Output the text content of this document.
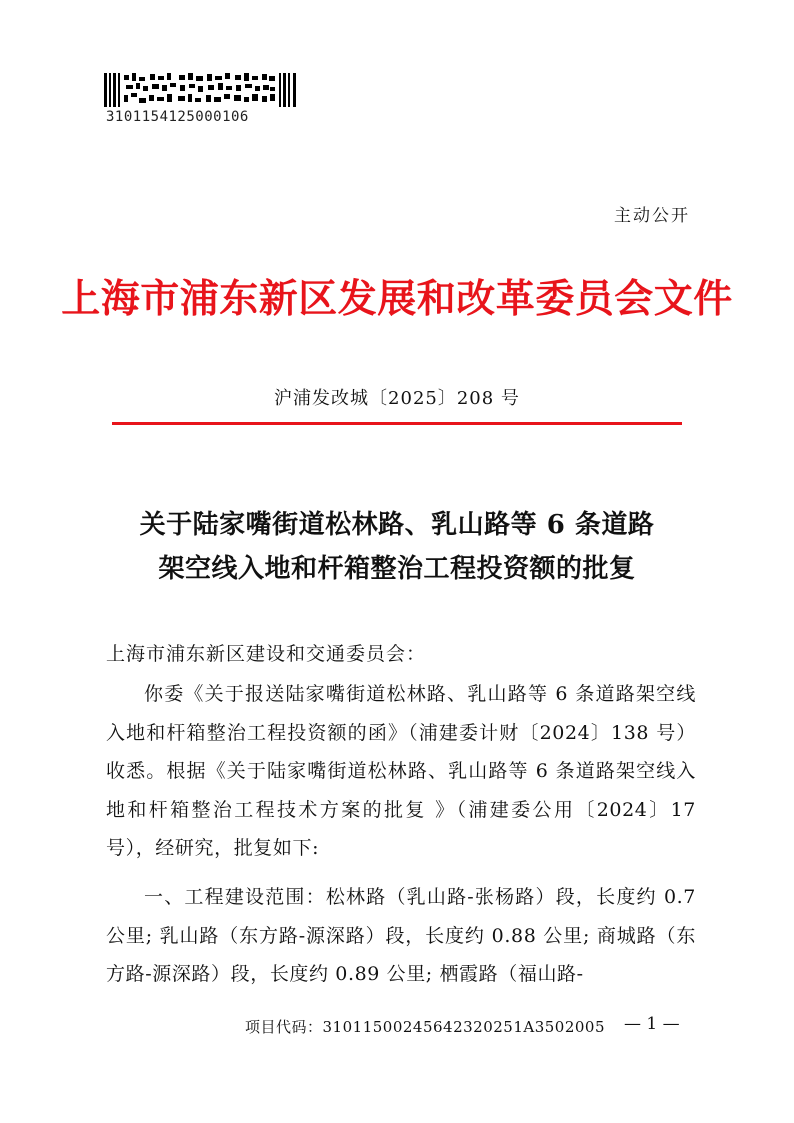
3101154125000106
主动公开
上海市浦东新区发展和改革委员会文件
沪浦发改城〔2025〕208 号
关于陆家嘴街道松林路、乳山路等 6 条道路
架空线入地和杆箱整治工程投资额的批复
上海市浦东新区建设和交通委员会：

你委《关于报送陆家嘴街道松林路、乳山路等 6 条道路架空线入地和杆箱整治工程投资额的函》（浦建委计财〔2024〕138 号）收悉。根据《关于陆家嘴街道松林路、乳山路等 6 条道路架空线入地和杆箱整治工程技术方案的批复 》（浦建委公用〔2024〕17 号），经研究，批复如下:

一、工程建设范围：松林路（乳山路-张杨路）段，长度约 0.7 公里; 乳山路（东方路-源深路）段，长度约 0.88 公里; 商城路（东方路-源深路）段，长度约 0.89 公里; 栖霞路（福山路-

项目代码：31011500245642320251A3502005 — 1 —
